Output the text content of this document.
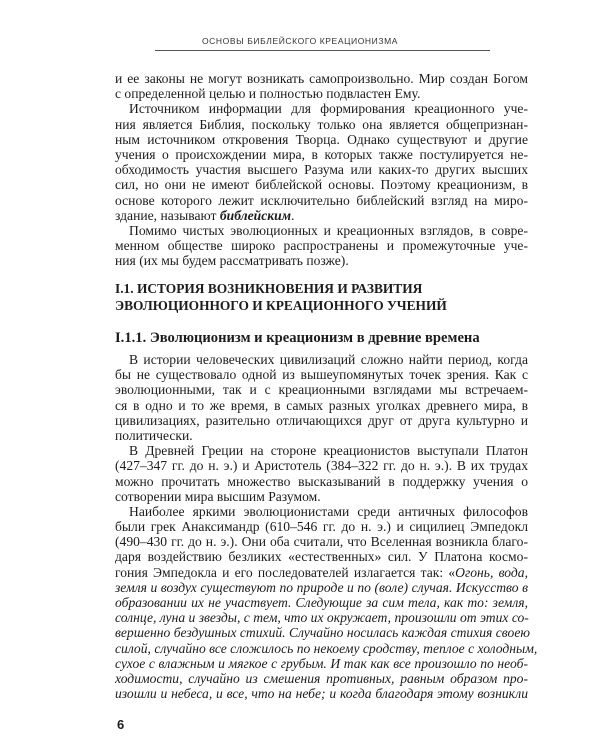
ОСНОВЫ БИБЛЕЙСКОГО КРЕАЦИОНИЗМА
и ее законы не могут возникать самопроизвольно. Мир создан Богом
с определенной целью и полностью подвластен Ему.
Источником информации для формирования креационного уче-
ния является Библия, поскольку только она является общепризнан-
ным источником откровения Творца. Однако существуют и другие
учения о происхождении мира, в которых также постулируется не-
обходимость участия высшего Разума или каких-то других высших
сил, но они не имеют библейской основы. Поэтому креационизм, в
основе которого лежит исключительно библейский взгляд на миро-
здание, называют библейским.
Помимо чистых эволюционных и креационных взглядов, в совре-
менном обществе широко распространены и промежуточные уче-
ния (их мы будем рассматривать позже).
I.1. ИСТОРИЯ ВОЗНИКНОВЕНИЯ И РАЗВИТИЯ
ЭВОЛЮЦИОННОГО И КРЕАЦИОННОГО УЧЕНИЙ
I.1.1. Эволюционизм и креационизм в древние времена
В истории человеческих цивилизаций сложно найти период, когда
бы не существовало одной из вышеупомянутых точек зрения. Как с
эволюционными, так и с креационными взглядами мы встречаем-
ся в одно и то же время, в самых разных уголках древнего мира, в
цивилизациях, разительно отличающихся друг от друга культурно и
политически.
В Древней Греции на стороне креационистов выступали Платон
(427–347 гг. до н. э.) и Аристотель (384–322 гг. до н. э.). В их трудах
можно прочитать множество высказываний в поддержку учения о
сотворении мира высшим Разумом.
Наиболее яркими эволюционистами среди античных философов
были грек Анаксимандр (610–546 гг. до н. э.) и сицилиец Эмпедокл
(490–430 гг. до н. э.). Они оба считали, что Вселенная возникла благо-
даря воздействию безликих «естественных» сил. У Платона космо-
гония Эмпедокла и его последователей излагается так: «Огонь, вода,
земля и воздух существуют по природе и по (воле) случая. Искусство в
образовании их не участвует. Следующие за сим тела, как то: земля,
солнце, луна и звезды, с тем, что их окружает, произошли от этих со-
вершенно бездушных стихий. Случайно носилась каждая стихия своею
силой, случайно все сложилось по некоему сродству, теплое с холодным,
сухое с влажным и мягкое с грубым. И так как все произошло по необ-
ходимости, случайно из смешения противных, равным образом про-
изошли и небеса, и все, что на небе; и когда благодаря этому возникли
6
